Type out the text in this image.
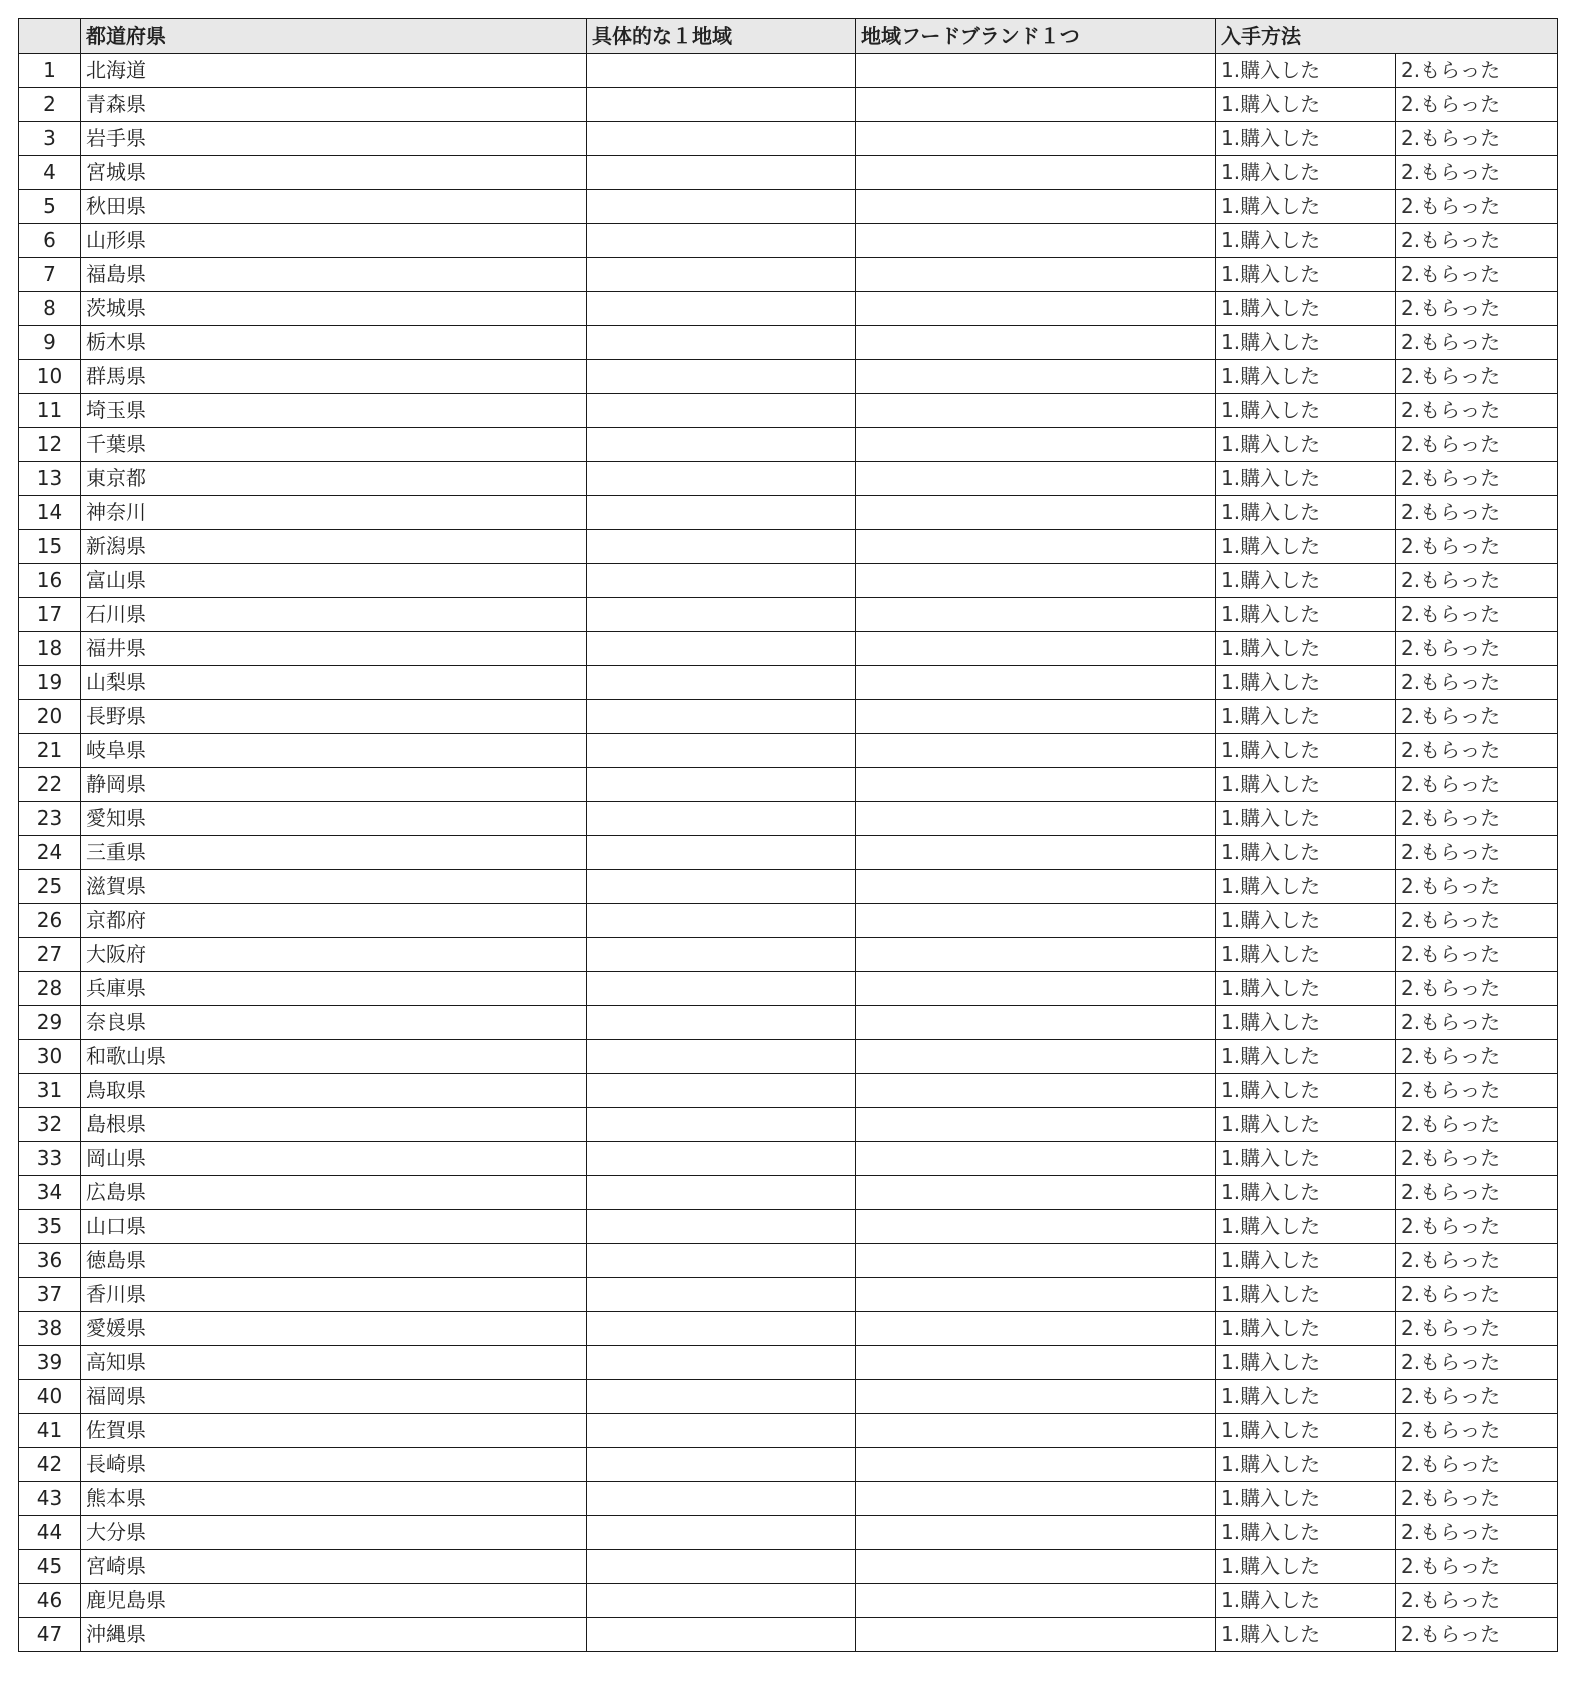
	都道府県	具体的な１地域	地域フードブランド１つ	入手方法	
1	北海道			1.購入した	2.もらった
2	青森県			1.購入した	2.もらった
3	岩手県			1.購入した	2.もらった
4	宮城県			1.購入した	2.もらった
5	秋田県			1.購入した	2.もらった
6	山形県			1.購入した	2.もらった
7	福島県			1.購入した	2.もらった
8	茨城県			1.購入した	2.もらった
9	栃木県			1.購入した	2.もらった
10	群馬県			1.購入した	2.もらった
11	埼玉県			1.購入した	2.もらった
12	千葉県			1.購入した	2.もらった
13	東京都			1.購入した	2.もらった
14	神奈川			1.購入した	2.もらった
15	新潟県			1.購入した	2.もらった
16	富山県			1.購入した	2.もらった
17	石川県			1.購入した	2.もらった
18	福井県			1.購入した	2.もらった
19	山梨県			1.購入した	2.もらった
20	長野県			1.購入した	2.もらった
21	岐阜県			1.購入した	2.もらった
22	静岡県			1.購入した	2.もらった
23	愛知県			1.購入した	2.もらった
24	三重県			1.購入した	2.もらった
25	滋賀県			1.購入した	2.もらった
26	京都府			1.購入した	2.もらった
27	大阪府			1.購入した	2.もらった
28	兵庫県			1.購入した	2.もらった
29	奈良県			1.購入した	2.もらった
30	和歌山県			1.購入した	2.もらった
31	鳥取県			1.購入した	2.もらった
32	島根県			1.購入した	2.もらった
33	岡山県			1.購入した	2.もらった
34	広島県			1.購入した	2.もらった
35	山口県			1.購入した	2.もらった
36	徳島県			1.購入した	2.もらった
37	香川県			1.購入した	2.もらった
38	愛媛県			1.購入した	2.もらった
39	高知県			1.購入した	2.もらった
40	福岡県			1.購入した	2.もらった
41	佐賀県			1.購入した	2.もらった
42	長崎県			1.購入した	2.もらった
43	熊本県			1.購入した	2.もらった
44	大分県			1.購入した	2.もらった
45	宮崎県			1.購入した	2.もらった
46	鹿児島県			1.購入した	2.もらった
47	沖縄県			1.購入した	2.もらった
